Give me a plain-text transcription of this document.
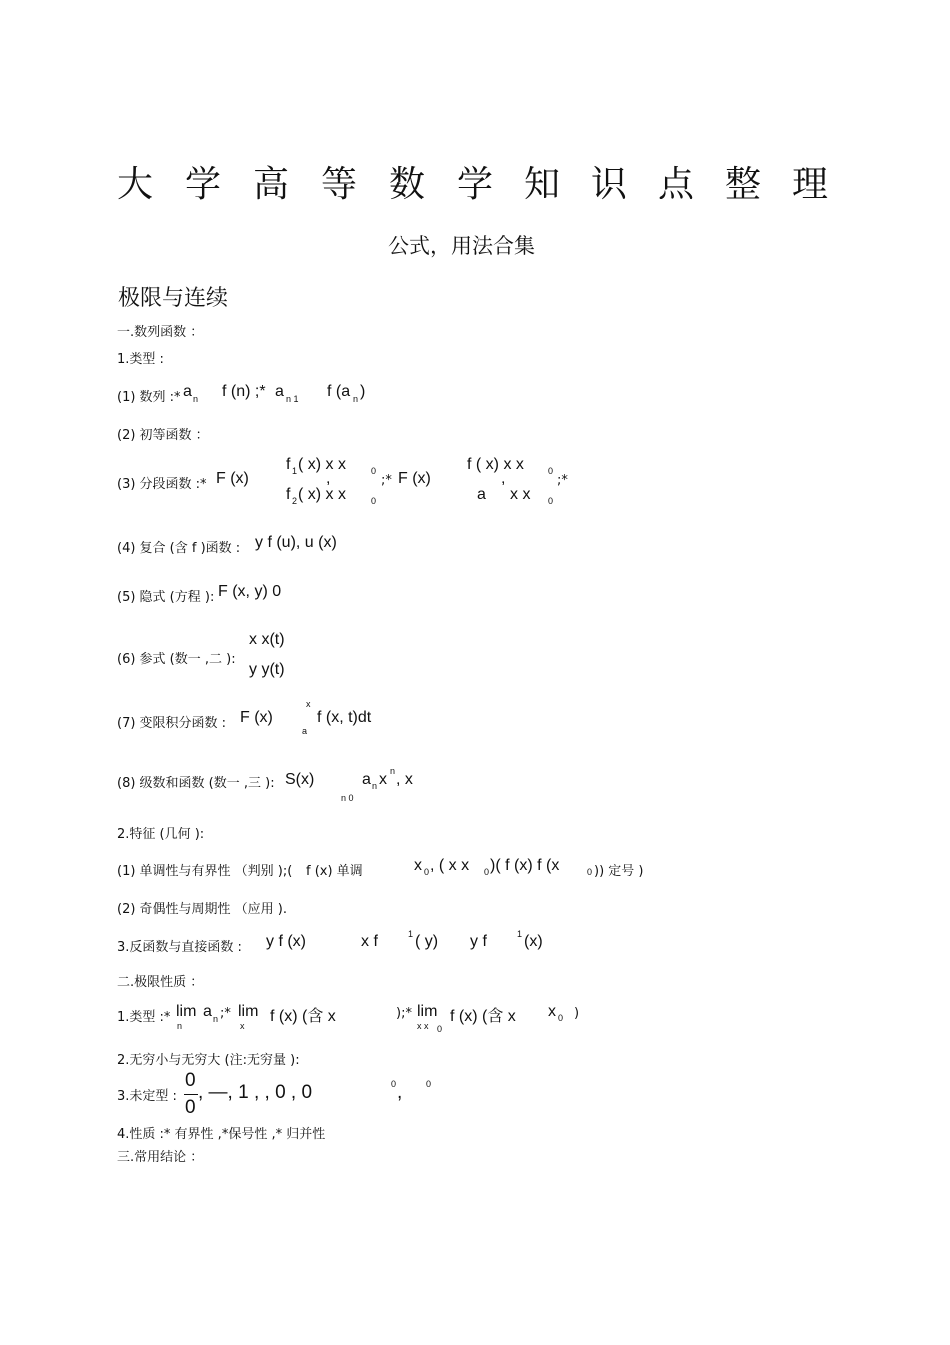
大 学 高 等 数 学 知 识 点 整 理
公式，用法合集
极限与连续
一.数列函数 ：
1.类型 :
(1) 数列 :* a n f (n) ;* a n 1 f (a n )
(2) 初等函数 ：
(3) 分段函数 :* F (x)
f 1 ( x) x x	0
,
f 2 ( x) x x	0
;* F (x)
f ( x) x x	0
a
,
x x 0
;*
(4) 复合 (含 f )函数 : y f (u), u (x)
(5) 隐式 (方程 ): F (x, y) 0
(6) 参式 (数一 ,二 ):
x x(t)
y y(t)
(7) 变限积分函数 : F (x)
x
a
f (x, t)dt
(8) 级数和函数 (数一 ,三 ): S(x)
n 0
a n x n , x
2.特征 (几何 ):
(1) 单调性与有界性 （判别 );( f (x) 单调	x 0 , ( x x 0 )( f (x) f (x	0 )) 定号 )
(2) 奇偶性与周期性 （应用 ).
3.反函数与直接函数 : y f (x)	x f	1 ( y) y f	1 (x)
二.极限性质 ：
1.类型 :* lim
n
a n ;* lim
x
f (x) (含 x	);* lim
x x 0
f (x) (含 x x 0 )
2.无穷小与无穷大 (注:无穷量 ):
3.未定型 :
0
0
, —, 1 , , 0 , 0	0 ,	0
4.性质 :* 有界性 ,*保号性 ,* 归并性
三.常用结论 ：
